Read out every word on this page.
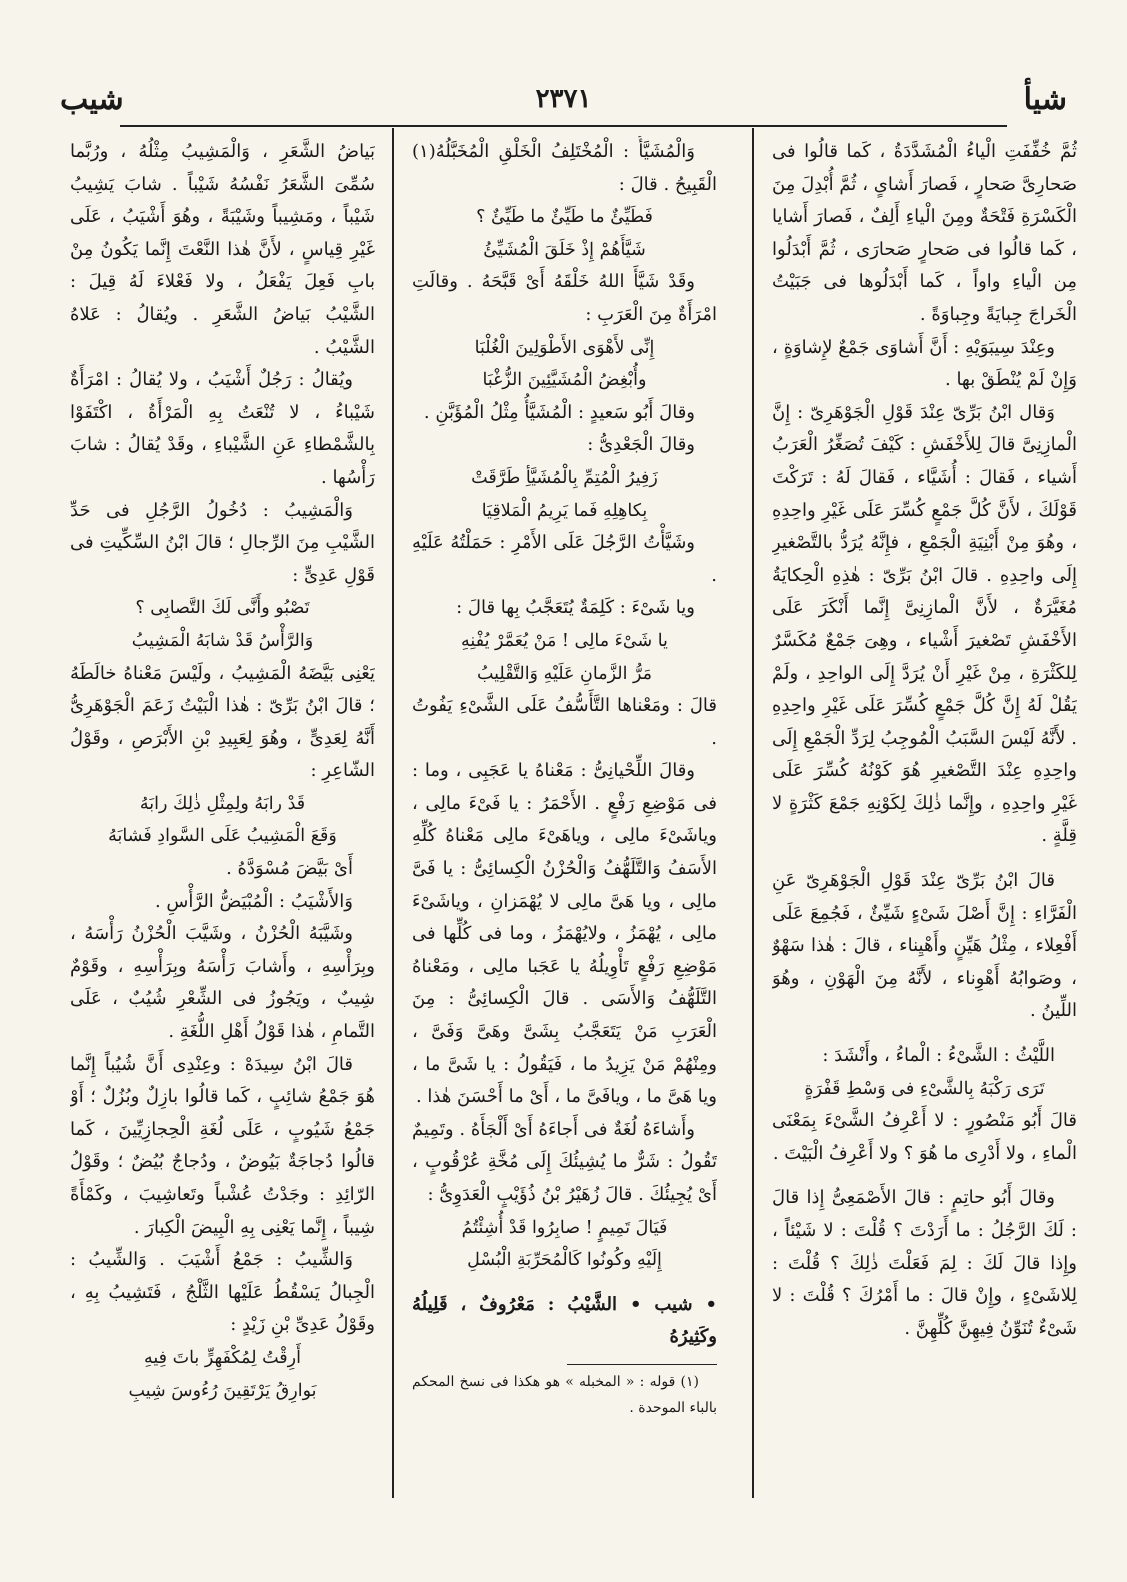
شيأ
٢٣٧١
شيب

ثُمَّ خُفِّفَتِ الْياءُ الْمُشَدَّدَةُ ، كَما قالُوا فى صَحارِىَّ صَحارٍ ، فَصارَ أَشاىٍ ، ثُمَّ أُبْدِلَ مِنَ الْكَسْرَةِ فَتْحَةٌ ومِنَ الْياءِ أَلِفٌ ، فَصارَ أَشايا ، كَما قالُوا فى صَحارٍ صَحارَى ، ثُمَّ أَبْدَلُوا مِن الْياءِ واواً ، كَما أَبْدَلُوها فى جَبَيْتُ الْخَراجَ جِبايَةً وجِباوَةً .

وعِنْدَ سِيبَوَيْهِ : أَنَّ أَشاوَى جَمْعٌ لإِشاوَةٍ ، وَإِنْ لَمْ يُنْطَقْ بها .

وَقال ابْنُ بَرِّىّ عِنْدَ قَوْلِ الْجَوْهَرِىّ : إِنَّ الْمازِنِىَّ قالَ لِلأَخْفَشِ : كَيْفَ تُصَغِّرُ الْعَرَبُ أَشياء ، فَقالَ : أُشَيَّاء ، فَقالَ لَهُ : تَرَكْتَ قَوْلَكَ ، لأَنَّ كُلَّ جَمْعٍ كُسِّرَ عَلَى غَيْرِ واحِدِهِ ، وهُوَ مِنْ أَبْنِيَةِ الْجَمْعِ ، فإِنَّهُ يُرَدُّ بالتَّصْغيرِ إِلَى واحِدِهِ . قالَ ابْنُ بَرِّىّ : هٰذِهِ الْحِكايَةُ مُغَيَّرَةٌ ، لأَنَّ الْمازِنِىَّ إِنَّما أَنْكَرَ عَلَى الأَخْفَشِ تَصْغيرَ أَشْياء ، وهِىَ جَمْعٌ مُكَسَّرٌ لِلكَثْرَةِ ، مِنْ غَيْرِ أَنْ يُرَدَّ إِلَى الواحِدِ ، ولَمْ يَقُلْ لَهُ إِنَّ كُلَّ جَمْعٍ كُسِّرَ عَلَى غَيْرِ واحِدِهِ . لأَنَّهُ لَيْسَ السَّبَبُ الْمُوجِبُ لِرَدِّ الْجَمْعِ إِلَى واحِدِهِ عِنْدَ التَّصْغيرِ هُوَ كَوْنُهُ كُسِّرَ عَلَى غَيْرِ واحِدِهِ ، وإِنَّما ذٰلِكَ لِكَوْنِهِ جَمْعَ كَثْرَةٍ لا قِلَّةٍ .

قالَ ابْنُ بَرِّىّ عِنْدَ قَوْلِ الْجَوْهَرِىّ عَنِ الْفَرَّاءِ : إِنَّ أَصْلَ شَىْءٍ شَيِّئٌ ، فَجُمِعَ عَلَى أَفْعِلاء ، مِثْلُ هَيِّنٍ وأَهْيِناء ، قالَ : هٰذا سَهْوٌ ، وصَوابُهُ أَهْوِناء ، لأَنَّهُ مِنَ الْهَوْنِ ، وهُوَ اللِّينُ .

اللَّيْثُ : الشَّىْءُ : الْماءُ ، وأَنْشَدَ :

تَرَى رَكْبَهُ بِالشَّىْءِ فى وَسْطِ قَفْرَةٍ

قالَ أَبُو مَنْصُورٍ : لا أَعْرِفُ الشَّىْءَ بِمَعْنَى الْماءِ ، ولا أَدْرِى ما هُوَ ؟ ولا أَعْرِفُ الْبَيْتَ .

وقالَ أَبُو حاتِمٍ : قالَ الأَصْمَعِىُّ إِذا قالَ : لَكَ الرَّجُلُ : ما أَرَدْتَ ؟ قُلْتَ : لا شَيْئاً ، وإِذا قالَ لَكَ : لِمَ فَعَلْتَ ذٰلِكَ ؟ قُلْتَ : لِلاشَىْءٍ ، وإِنْ قالَ : ما أَمْرُكَ ؟ قُلْتَ : لا شَىْءٌ تُنَوِّنُ فِيهِنَّ كُلِّهِنَّ .

وَالْمُشَيَّأُ : الْمُخْتَلِفُ الْخَلْقِ الْمُخَبَّلُهُ(١) الْقَبِيحُ . قالَ :

فَطَيِّئٌ ما طَيِّئٌ ما طَيِّئٌ ؟

شَيَّأَهُمْ إِذْ خَلَقَ الْمُشَيِّئُ

وقَدْ شَيَّأَ اللهُ خَلْقَهُ أَىْ قَبَّحَهُ . وقالَتِ امْرَأَةٌ مِنَ الْعَرَبِ :

إِنِّى لأَهْوَى الأَطْوَلِينَ الْغُلْبَا

وأُبْغِضُ الْمُشَيَّئِينَ الزُّغْبَا

وقالَ أَبُو سَعيدٍ : الْمُشَيَّأُ مِثْلُ الْمُؤَبَّنِ .

وقالَ الْجَعْدِىُّ :

زَفِيرُ الْمُتِمِّ بِالْمُشَيَّأِ طَرَّقَتْ

بِكاهِلِهِ فَما يَرِيمُ الْمَلاقِيَا

وشَيَّأْتُ الرَّجُلَ عَلَى الأَمْرِ : حَمَلْتُهُ عَلَيْهِ .

ويا شَىْءَ : كَلِمَةٌ يُتَعَجَّبُ بِها قالَ :

يا شَىْءَ مالِى ! مَنْ يُعَمَّرْ يُفْنِهِ

مَرُّ الزَّمانِ عَلَيْهِ وَالتَّقْلِيبُ

قالَ : ومَعْناها التَّأَسُّفُ عَلَى الشَّىْءِ يَفُوتُ .

وقالَ اللِّحْيانِىُّ : مَعْناهُ يا عَجَبِى ، وما : فى مَوْضِعِ رَفْعٍ . الأَحْمَرُ : يا فَىْءَ مالِى ، وياشَىْءَ مالِى ، وياهَىْءَ مالِى مَعْناهُ كُلِّهِ الأَسَفُ وَالتَّلَهُّفُ وَالْحُزْنُ الْكِسائِىُّ : يا فَىَّ مالِى ، ويا هَىَّ مالِى لا يُهْمَزانِ ، وياشَىْءَ مالِى ، يُهْمَزُ ، ولايُهْمَزُ ، وما فى كُلِّها فى مَوْضِعِ رَفْعٍ تَأْوِيلُهُ يا عَجَبا مالِى ، ومَعْناهُ التَّلَهُّفُ وَالأَسَى . قالَ الْكِسائِىُّ : مِنَ الْعَرَبِ مَنْ يَتَعَجَّبُ بِشَىَّ وهَىَّ وَفَىَّ ، ومِنْهُمْ مَنْ يَزِيدُ ما ، فَيَقُولُ : يا شَىَّ ما ، ويا هَىَّ ما ، ويافَىَّ ما ، أَىْ ما أَحْسَنَ هٰذا .

وأَشاءَهُ لُغَةٌ فى أَجاءَهُ أَىْ أَلْجَأَهُ . وتَمِيمٌ تَقُولُ : شَرٌّ ما يُشِيئُكَ إِلَى مُخَّةِ عُرْقُوبٍ ، أَىْ يُجِيئُكَ . قالَ زُهَيْرُ بْنُ ذُؤَيْبٍ الْعَدَوِىُّ :

فَيَالَ تَمِيمٍ ! صابِرُوا قَدْ أُشِئْتُمُ

إِلَيْهِ وكُونُوا كَالْمُحَرِّبَةِ الْبُسْلِ

• شيب • الشَّيْبُ : مَعْرُوفٌ ، قَلِيلُهُ وكَثِيرُهُ

(١) قوله : « المخبله » هو هكذا فى نسخ المحكم بالباء الموحدة .

بَياضُ الشَّعَرِ ، وَالْمَشِيبُ مِثْلُهُ ، ورُبَّما سُمِّىَ الشَّعَرُ نَفْسُهُ شَيْباً . شابَ يَشِيبُ شَيْباً ، ومَشِيباً وشَيْبَةً ، وهُوَ أَشْيَبُ ، عَلَى غَيْرِ قِياسٍ ، لأَنَّ هٰذا النَّعْتَ إِنَّما يَكُونُ مِنْ بابِ فَعِلَ يَفْعَلُ ، ولا فَعْلاءَ لَهُ قِيلَ : الشَّيْبُ بَياضُ الشَّعَرِ . ويُقالُ : عَلاهُ الشَّيْبُ .

ويُقالُ : رَجُلٌ أَشْيَبُ ، ولا يُقالُ : امْرَأَةٌ شَيْباءُ ، لا تُنْعَتُ بِهِ الْمَرْأَةُ ، اكْتَفَوْا بِالشَّمْطاءِ عَنِ الشَّيْباءِ ، وقَدْ يُقالُ : شابَ رَأْسُها .

وَالْمَشِيبُ : دُخُولُ الرَّجُلِ فى حَدِّ الشَّيْبِ مِنَ الرِّجالِ ؛ قالَ ابْنُ السِّكِّيتِ فى قَوْلِ عَدِىٍّ :

تَصْبُو وأَنَّى لَكَ التَّصابِى ؟

وَالرَّأْسُ قَدْ شابَهُ الْمَشِيبُ

يَعْنِى بَيَّضَهُ الْمَشِيبُ ، ولَيْسَ مَعْناهُ خالَطَهُ ؛ قالَ ابْنُ بَرِّىّ : هٰذا الْبَيْتُ زَعَمَ الْجَوْهَرِىُّ أَنَّهُ لِعَدِىٍّ ، وهُوَ لِعَبِيدِ بْنِ الأَبْرَصِ ، وقَوْلُ الشّاعِرِ :

قَدْ رابَهُ ولِمِثْلِ ذٰلِكَ رابَهُ

وَقَعَ الْمَشِيبُ عَلَى السَّوادِ فَشابَهُ

أَىْ بَيَّضَ مُسْوَدَّهُ .

وَالأَشْيَبُ : الْمُبْيَضُّ الرَّأْسِ .

وشَيَّبَهُ الْحُزْنُ ، وشَيَّبَ الْحُزْنُ رَأْسَهُ ، وبِرَأْسِهِ ، وأَشابَ رَأْسَهُ وبِرَأْسِهِ ، وقَوْمٌ شِيبٌ ، ويَجُوزُ فى الشِّعْرِ شُيُبٌ ، عَلَى التَّمامِ ، هٰذا قَوْلُ أَهْلِ اللُّغَةِ .

قالَ ابْنُ سِيدَهْ : وعِنْدِى أَنَّ شُيُباً إِنَّما هُوَ جَمْعُ شائِبٍ ، كَما قالُوا بازِلٌ وبُزُلٌ ؛ أَوْ جَمْعُ شَيُوبٍ ، عَلَى لُغَةِ الْحِجازِيِّينَ ، كَما قالُوا دُجاجَةٌ بَيُوضٌ ، ودُجاجٌ بُيُضٌ ؛ وقَوْلُ الرّائِدِ : وجَدْتُ عُشْباً وتَعاشِيبَ ، وكَمْأَةً شِيباً ، إِنَّما يَعْنِى بِهِ الْبِيضَ الْكِبارَ .

وَالشِّيبُ : جَمْعُ أَشْيَبَ . وَالشِّيبُ : الْجِبالُ يَسْقُطُ عَلَيْها الثَّلْجُ ، فَتَشِيبُ بِهِ ، وقَوْلُ عَدِىِّ بْنِ زَيْدٍ :

أَرِقْتُ لِمُكْفَهِرٍّ باتَ فِيهِ

بَوارِقُ يَرْتَقِينَ رُءُوسَ شِيبِ
